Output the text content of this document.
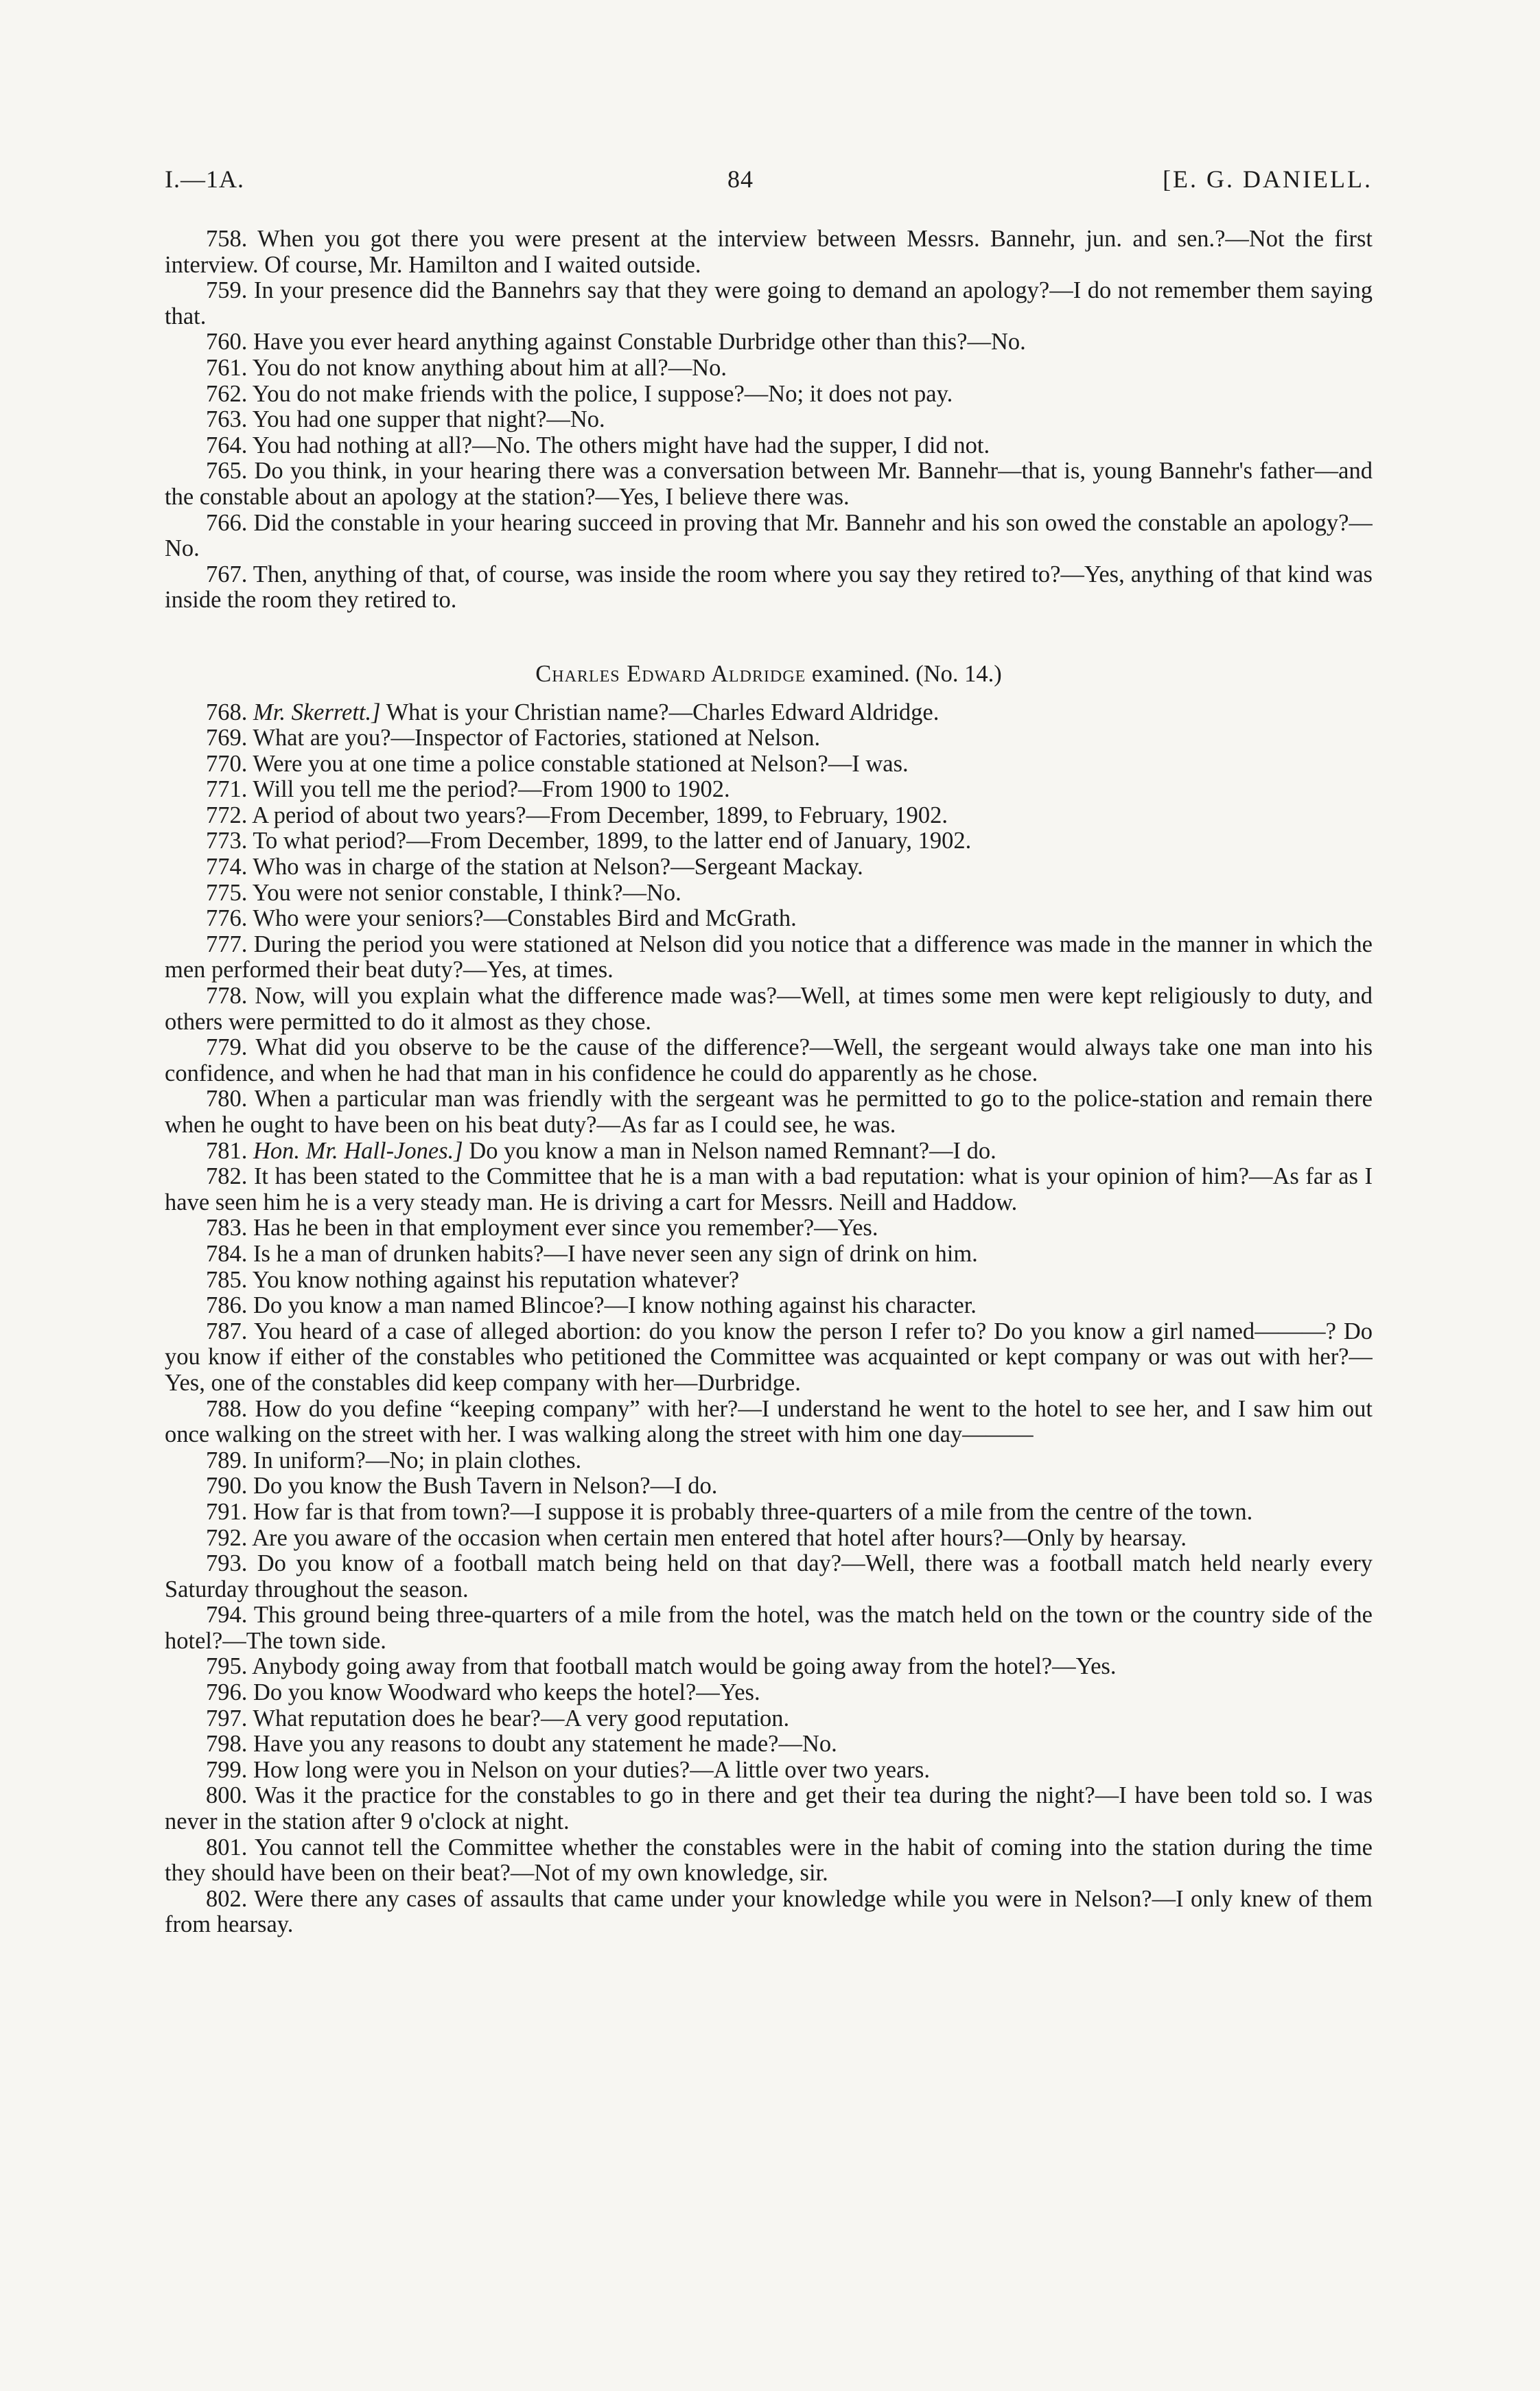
I.—1A.	84	[E. G. DANIELL.

758. When you got there you were present at the interview between Messrs. Bannehr, jun. and sen.?—Not the first interview. Of course, Mr. Hamilton and I waited outside.

759. In your presence did the Bannehrs say that they were going to demand an apology?—I do not remember them saying that.

760. Have you ever heard anything against Constable Durbridge other than this?—No.

761. You do not know anything about him at all?—No.

762. You do not make friends with the police, I suppose?—No; it does not pay.

763. You had one supper that night?—No.

764. You had nothing at all?—No. The others might have had the supper, I did not.

765. Do you think, in your hearing there was a conversation between Mr. Bannehr—that is, young Bannehr's father—and the constable about an apology at the station?—Yes, I believe there was.

766. Did the constable in your hearing succeed in proving that Mr. Bannehr and his son owed the constable an apology?—No.

767. Then, anything of that, of course, was inside the room where you say they retired to?—Yes, anything of that kind was inside the room they retired to.

Charles Edward Aldridge examined. (No. 14.)

768. Mr. Skerrett.] What is your Christian name?—Charles Edward Aldridge.

769. What are you?—Inspector of Factories, stationed at Nelson.

770. Were you at one time a police constable stationed at Nelson?—I was.

771. Will you tell me the period?—From 1900 to 1902.

772. A period of about two years?—From December, 1899, to February, 1902.

773. To what period?—From December, 1899, to the latter end of January, 1902.

774. Who was in charge of the station at Nelson?—Sergeant Mackay.

775. You were not senior constable, I think?—No.

776. Who were your seniors?—Constables Bird and McGrath.

777. During the period you were stationed at Nelson did you notice that a difference was made in the manner in which the men performed their beat duty?—Yes, at times.

778. Now, will you explain what the difference made was?—Well, at times some men were kept religiously to duty, and others were permitted to do it almost as they chose.

779. What did you observe to be the cause of the difference?—Well, the sergeant would always take one man into his confidence, and when he had that man in his confidence he could do apparently as he chose.

780. When a particular man was friendly with the sergeant was he permitted to go to the police-station and remain there when he ought to have been on his beat duty?—As far as I could see, he was.

781. Hon. Mr. Hall-Jones.] Do you know a man in Nelson named Remnant?—I do.

782. It has been stated to the Committee that he is a man with a bad reputation: what is your opinion of him?—As far as I have seen him he is a very steady man. He is driving a cart for Messrs. Neill and Haddow.

783. Has he been in that employment ever since you remember?—Yes.

784. Is he a man of drunken habits?—I have never seen any sign of drink on him.

785. You know nothing against his reputation whatever?

786. Do you know a man named Blincoe?—I know nothing against his character.

787. You heard of a case of alleged abortion: do you know the person I refer to? Do you know a girl named———? Do you know if either of the constables who petitioned the Committee was acquainted or kept company or was out with her?—Yes, one of the constables did keep company with her—Durbridge.

788. How do you define “keeping company” with her?—I understand he went to the hotel to see her, and I saw him out once walking on the street with her. I was walking along the street with him one day———

789. In uniform?—No; in plain clothes.

790. Do you know the Bush Tavern in Nelson?—I do.

791. How far is that from town?—I suppose it is probably three-quarters of a mile from the centre of the town.

792. Are you aware of the occasion when certain men entered that hotel after hours?—Only by hearsay.

793. Do you know of a football match being held on that day?—Well, there was a football match held nearly every Saturday throughout the season.

794. This ground being three-quarters of a mile from the hotel, was the match held on the town or the country side of the hotel?—The town side.

795. Anybody going away from that football match would be going away from the hotel?—Yes.

796. Do you know Woodward who keeps the hotel?—Yes.

797. What reputation does he bear?—A very good reputation.

798. Have you any reasons to doubt any statement he made?—No.

799. How long were you in Nelson on your duties?—A little over two years.

800. Was it the practice for the constables to go in there and get their tea during the night?—I have been told so. I was never in the station after 9 o'clock at night.

801. You cannot tell the Committee whether the constables were in the habit of coming into the station during the time they should have been on their beat?—Not of my own knowledge, sir.

802. Were there any cases of assaults that came under your knowledge while you were in Nelson?—I only knew of them from hearsay.
